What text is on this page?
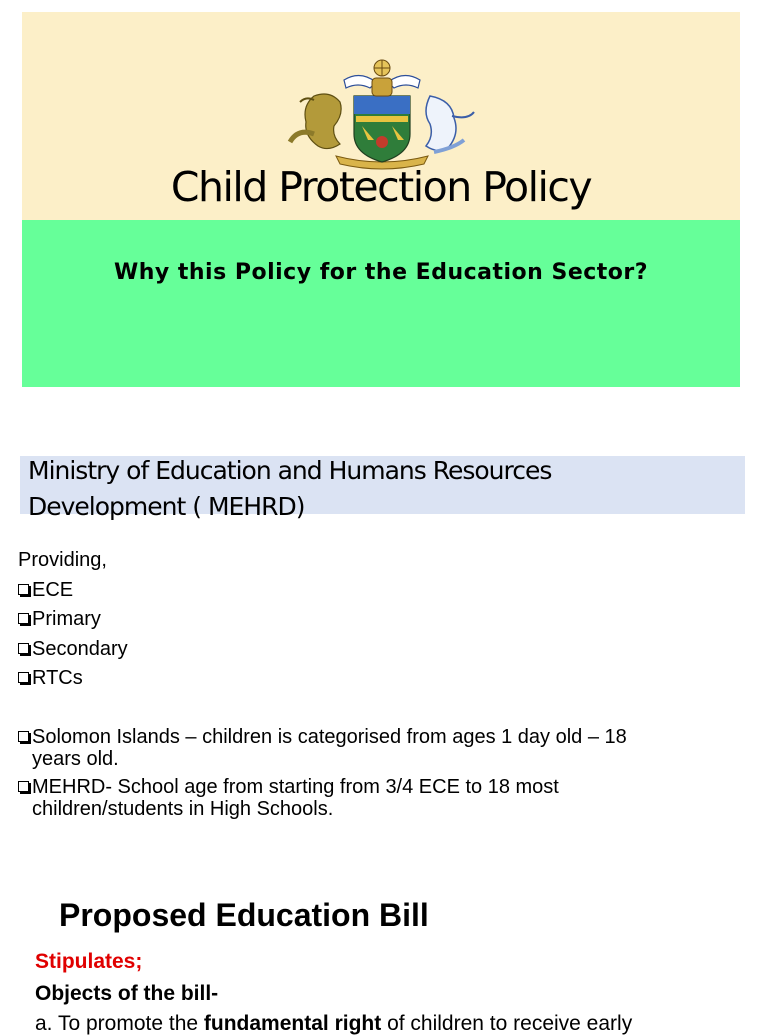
Child Protection Policy
Why this Policy for the Education Sector?
Ministry of Education and Humans Resources
Development ( MEHRD)
Providing,
ECE
Primary
Secondary
RTCs
Solomon Islands – children is categorised from ages 1 day old – 18
years old.
MEHRD- School age from starting from 3/4 ECE to 18 most
children/students in High Schools.
Proposed Education Bill
Stipulates;
Objects of the bill-
a. To promote the fundamental right of children to receive early
